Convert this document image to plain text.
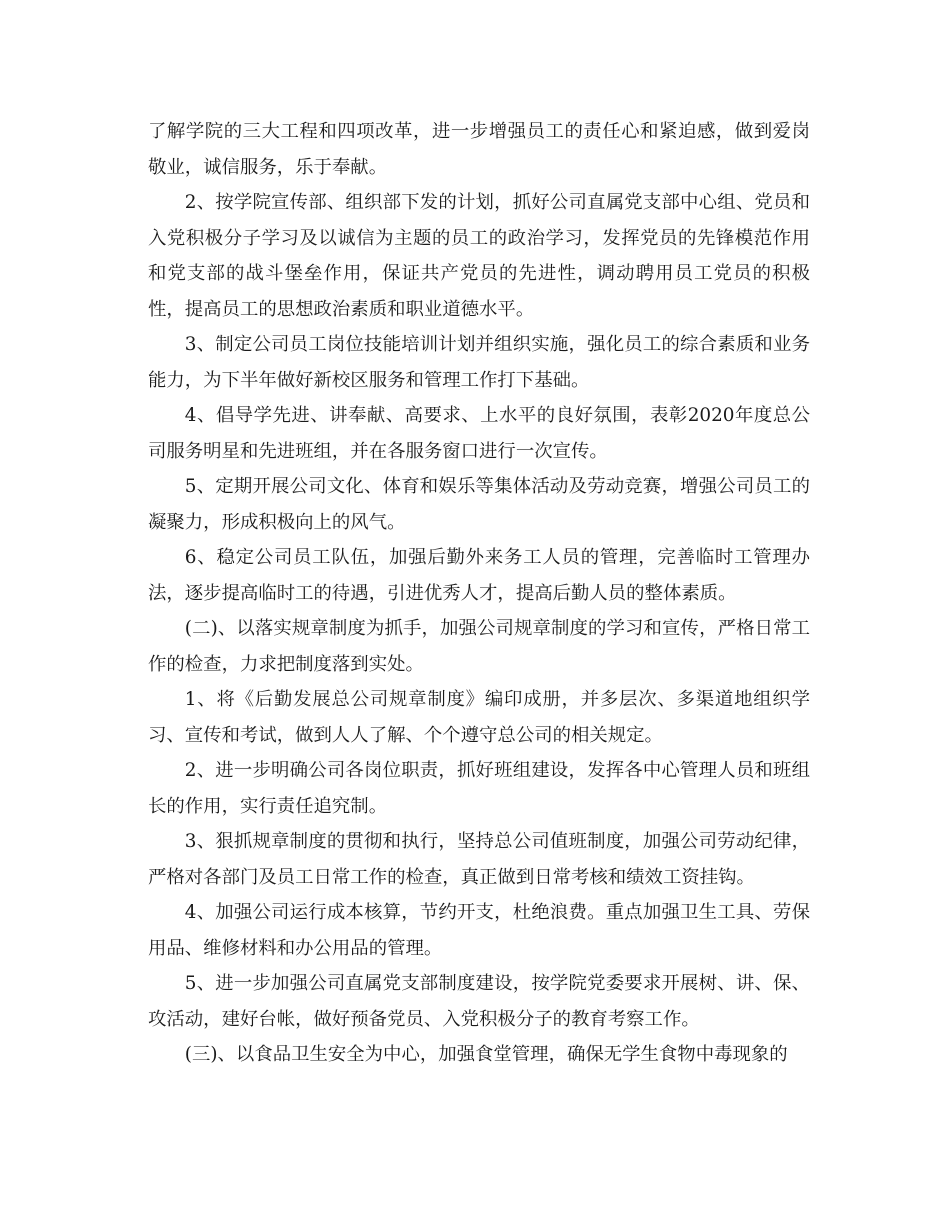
了解学院的三大工程和四项改革，进一步增强员工的责任心和紧迫感，做到爱岗敬业，诚信服务，乐于奉献。

2、按学院宣传部、组织部下发的计划，抓好公司直属党支部中心组、党员和入党积极分子学习及以诚信为主题的员工的政治学习，发挥党员的先锋模范作用和党支部的战斗堡垒作用，保证共产党员的先进性，调动聘用员工党员的积极性，提高员工的思想政治素质和职业道德水平。

3、制定公司员工岗位技能培训计划并组织实施，强化员工的综合素质和业务能力，为下半年做好新校区服务和管理工作打下基础。

4、倡导学先进、讲奉献、高要求、上水平的良好氛围，表彰2020年度总公司服务明星和先进班组，并在各服务窗口进行一次宣传。

5、定期开展公司文化、体育和娱乐等集体活动及劳动竞赛，增强公司员工的凝聚力，形成积极向上的风气。

6、稳定公司员工队伍，加强后勤外来务工人员的管理，完善临时工管理办法，逐步提高临时工的待遇，引进优秀人才，提高后勤人员的整体素质。

(二)、以落实规章制度为抓手，加强公司规章制度的学习和宣传，严格日常工作的检查，力求把制度落到实处。

1、将《后勤发展总公司规章制度》编印成册，并多层次、多渠道地组织学习、宣传和考试，做到人人了解、个个遵守总公司的相关规定。

2、进一步明确公司各岗位职责，抓好班组建设，发挥各中心管理人员和班组长的作用，实行责任追究制。

3、狠抓规章制度的贯彻和执行，坚持总公司值班制度，加强公司劳动纪律，严格对各部门及员工日常工作的检查，真正做到日常考核和绩效工资挂钩。

4、加强公司运行成本核算，节约开支，杜绝浪费。重点加强卫生工具、劳保用品、维修材料和办公用品的管理。

5、进一步加强公司直属党支部制度建设，按学院党委要求开展树、讲、保、攻活动，建好台帐，做好预备党员、入党积极分子的教育考察工作。

(三)、以食品卫生安全为中心，加强食堂管理，确保无学生食物中毒现象的
